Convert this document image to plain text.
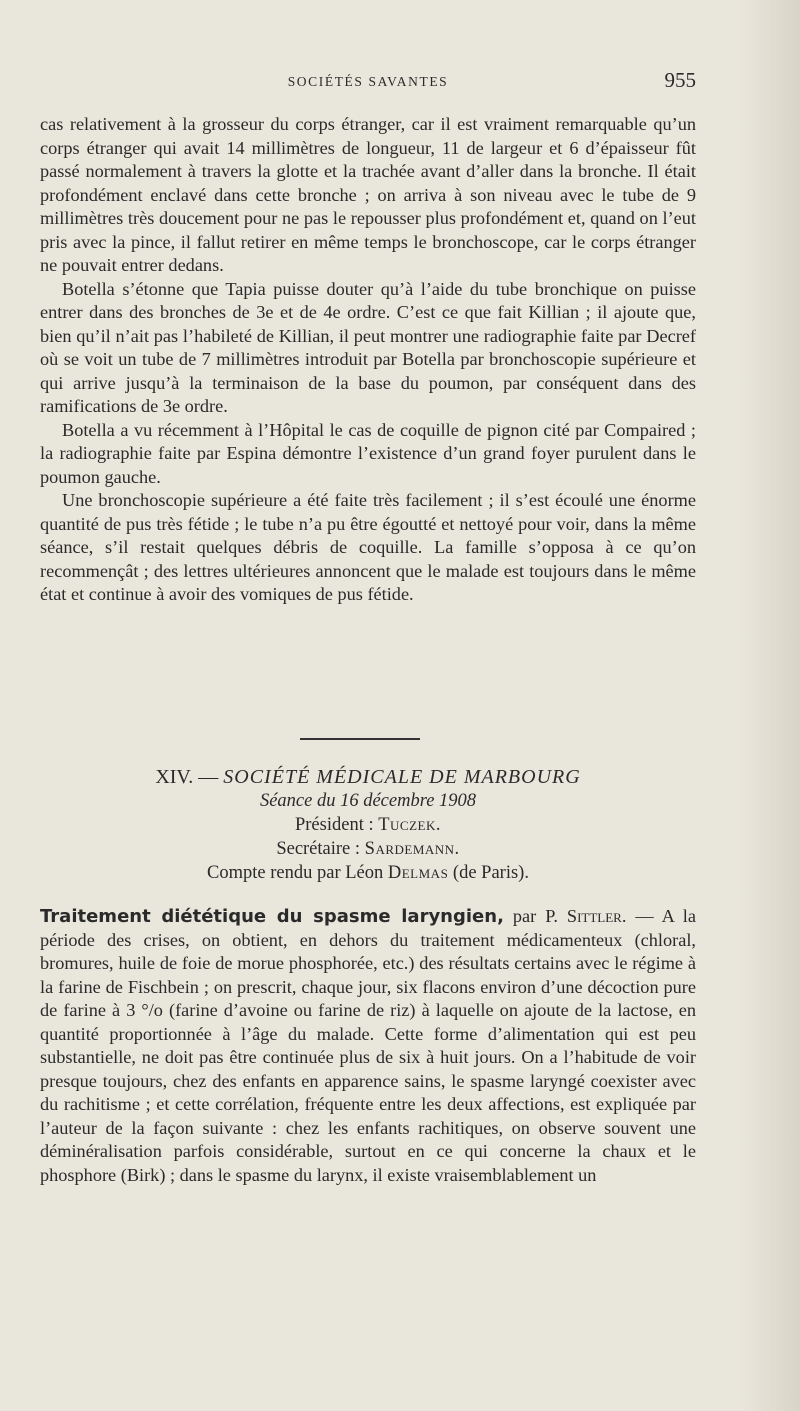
SOCIÉTÉS SAVANTES	955

cas relativement à la grosseur du corps étranger, car il est vraiment remarquable qu’un corps étranger qui avait 14 millimètres de longueur, 11 de largeur et 6 d’épaisseur fût passé normalement à travers la glotte et la trachée avant d’aller dans la bronche. Il était profondément enclavé dans cette bronche ; on arriva à son niveau avec le tube de 9 millimètres très doucement pour ne pas le repousser plus profondément et, quand on l’eut pris avec la pince, il fallut retirer en même temps le bronchoscope, car le corps étranger ne pouvait entrer dedans.

Botella s’étonne que Tapia puisse douter qu’à l’aide du tube bronchique on puisse entrer dans des bronches de 3e et de 4e ordre. C’est ce que fait Killian ; il ajoute que, bien qu’il n’ait pas l’habileté de Killian, il peut montrer une radiographie faite par Decref où se voit un tube de 7 millimètres introduit par Botella par bronchoscopie supérieure et qui arrive jusqu’à la terminaison de la base du poumon, par conséquent dans des ramifications de 3e ordre.

Botella a vu récemment à l’Hôpital le cas de coquille de pignon cité par Compaired ; la radiographie faite par Espina démontre l’existence d’un grand foyer purulent dans le poumon gauche.

Une bronchoscopie supérieure a été faite très facilement ; il s’est écoulé une énorme quantité de pus très fétide ; le tube n’a pu être égoutté et nettoyé pour voir, dans la même séance, s’il restait quelques débris de coquille. La famille s’opposa à ce qu’on recommençât ; des lettres ultérieures annoncent que le malade est toujours dans le même état et continue à avoir des vomiques de pus fétide.

XIV. — SOCIÉTÉ MÉDICALE DE MARBOURG
Séance du 16 décembre 1908
Président : Tuczek.
Secrétaire : Sardemann.
Compte rendu par Léon Delmas (de Paris).

Traitement diététique du spasme laryngien, par P. Sittler. — A la période des crises, on obtient, en dehors du traitement médicamenteux (chloral, bromures, huile de foie de morue phosphorée, etc.) des résultats certains avec le régime à la farine de Fischbein ; on prescrit, chaque jour, six flacons environ d’une décoction pure de farine à 3 °/o (farine d’avoine ou farine de riz) à laquelle on ajoute de la lactose, en quantité proportionnée à l’âge du malade. Cette forme d’alimentation qui est peu substantielle, ne doit pas être continuée plus de six à huit jours. On a l’habitude de voir presque toujours, chez des enfants en apparence sains, le spasme laryngé coexister avec du rachitisme ; et cette corrélation, fréquente entre les deux affections, est expliquée par l’auteur de la façon suivante : chez les enfants rachitiques, on observe souvent une déminéralisation parfois considérable, surtout en ce qui concerne la chaux et le phosphore (Birk) ; dans le spasme du larynx, il existe vraisemblablement un
